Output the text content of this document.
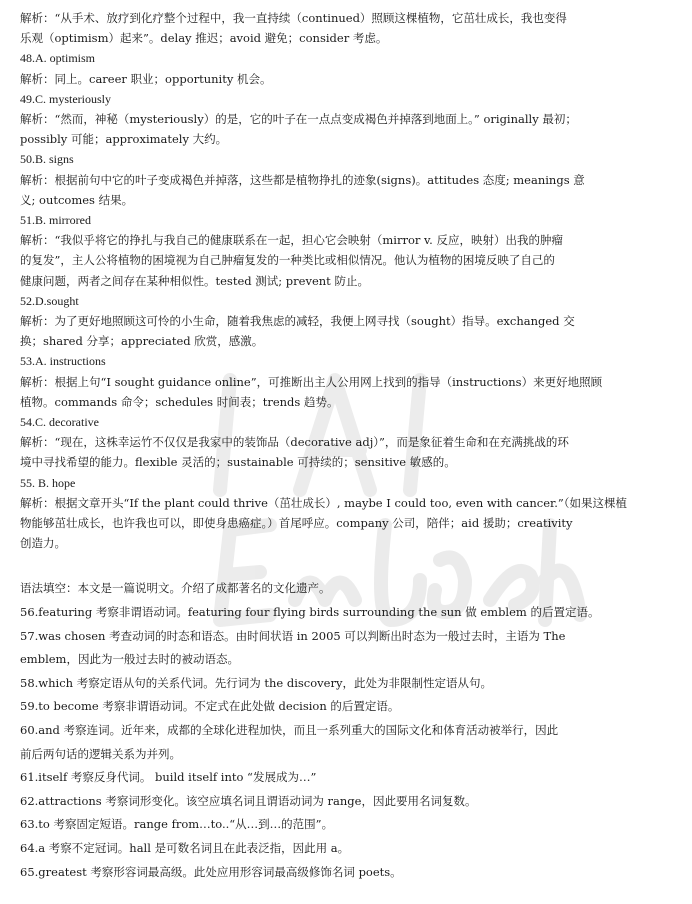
解析：“从手术、放疗到化疗整个过程中，我一直持续（continued）照顾这棵植物，它茁壮成长，我也变得
乐观（optimism）起来”。delay 推迟；avoid 避免；consider 考虑。
48.A. optimism
解析：同上。career 职业；opportunity 机会。
49.C. mysteriously
解析：“然而，神秘（mysteriously）的是，它的叶子在一点点变成褐色并掉落到地面上。” originally 最初；
possibly 可能；approximately 大约。
50.B. signs
解析：根据前句中它的叶子变成褐色并掉落，这些都是植物挣扎的迹象(signs)。attitudes 态度; meanings 意
义; outcomes 结果。
51.B. mirrored
解析：“我似乎将它的挣扎与我自己的健康联系在一起，担心它会映射（mirror v. 反应，映射）出我的肿瘤
的复发”，主人公将植物的困境视为自己肿瘤复发的一种类比或相似情况。他认为植物的困境反映了自己的
健康问题，两者之间存在某种相似性。tested 测试; prevent 防止。
52.D.sought
解析：为了更好地照顾这可怜的小生命，随着我焦虑的减轻，我便上网寻找（sought）指导。exchanged 交
换；shared 分享；appreciated 欣赏，感激。
53.A. instructions
解析：根据上句“I sought guidance online”，可推断出主人公用网上找到的指导（instructions）来更好地照顾
植物。commands 命令；schedules 时间表；trends 趋势。
54.C. decorative
解析：“现在，这株幸运竹不仅仅是我家中的装饰品（decorative adj）”，而是象征着生命和在充满挑战的环
境中寻找希望的能力。flexible 灵活的；sustainable 可持续的；sensitive 敏感的。
55. B. hope
解析：根据文章开头“If the plant could thrive（茁壮成长）, maybe I could too, even with cancer.”（如果这棵植
物能够茁壮成长，也许我也可以，即使身患癌症。）首尾呼应。company 公司，陪伴；aid 援助；creativity
创造力。
语法填空：本文是一篇说明文。介绍了成都著名的文化遗产。
56.featuring 考察非谓语动词。featuring four flying birds surrounding the sun 做 emblem 的后置定语。
57.was chosen 考查动词的时态和语态。由时间状语 in 2005 可以判断出时态为一般过去时，主语为 The
emblem，因此为一般过去时的被动语态。
58.which 考察定语从句的关系代词。先行词为 the discovery，此处为非限制性定语从句。
59.to become 考察非谓语动词。不定式在此处做 decision 的后置定语。
60.and 考察连词。近年来，成都的全球化进程加快，而且一系列重大的国际文化和体育活动被举行，因此
前后两句话的逻辑关系为并列。
61.itself 考察反身代词。 build itself into “发展成为…”
62.attractions 考察词形变化。该空应填名词且谓语动词为 range，因此要用名词复数。
63.to 考察固定短语。range from…to..“从…到…的范围”。
64.a 考察不定冠词。hall 是可数名词且在此表泛指，因此用 a。
65.greatest 考察形容词最高级。此处应用形容词最高级修饰名词 poets。
